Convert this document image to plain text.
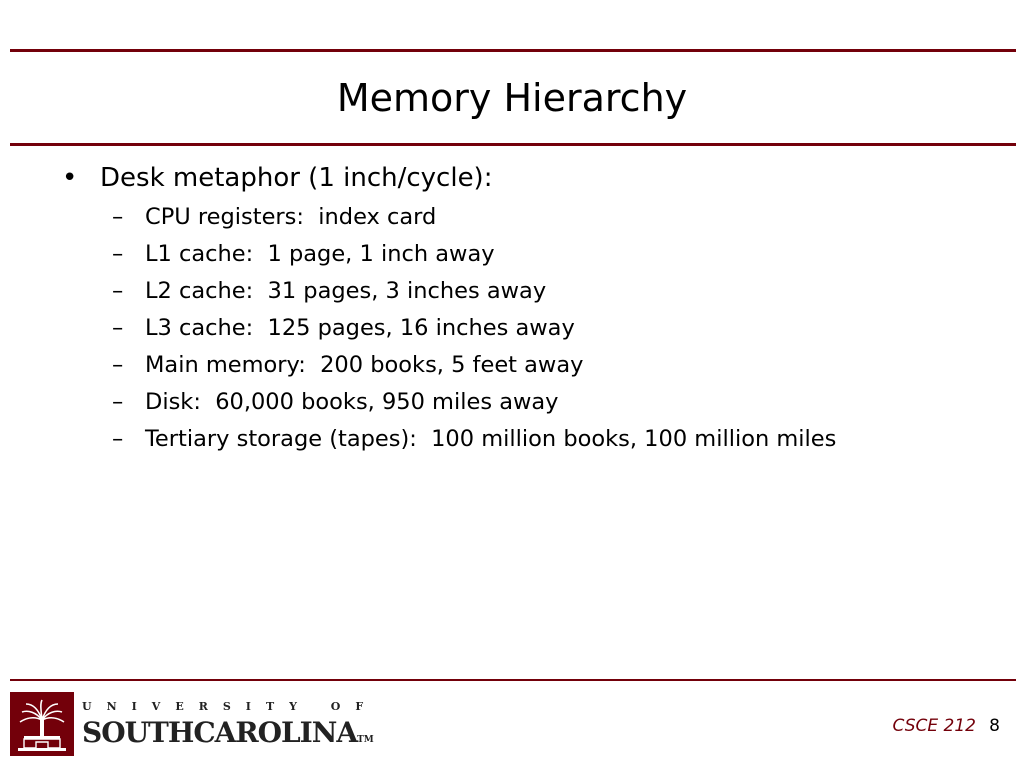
Memory Hierarchy
• Desk metaphor (1 inch/cycle):
– CPU registers:  index card
– L1 cache:  1 page, 1 inch away
– L2 cache:  31 pages, 3 inches away
– L3 cache:  125 pages, 16 inches away
– Main memory:  200 books, 5 feet away
– Disk:  60,000 books, 950 miles away
– Tertiary storage (tapes):  100 million books, 100 million miles
UNIVERSITY OF
SOUTHCAROLINATM
CSCE 212 8
